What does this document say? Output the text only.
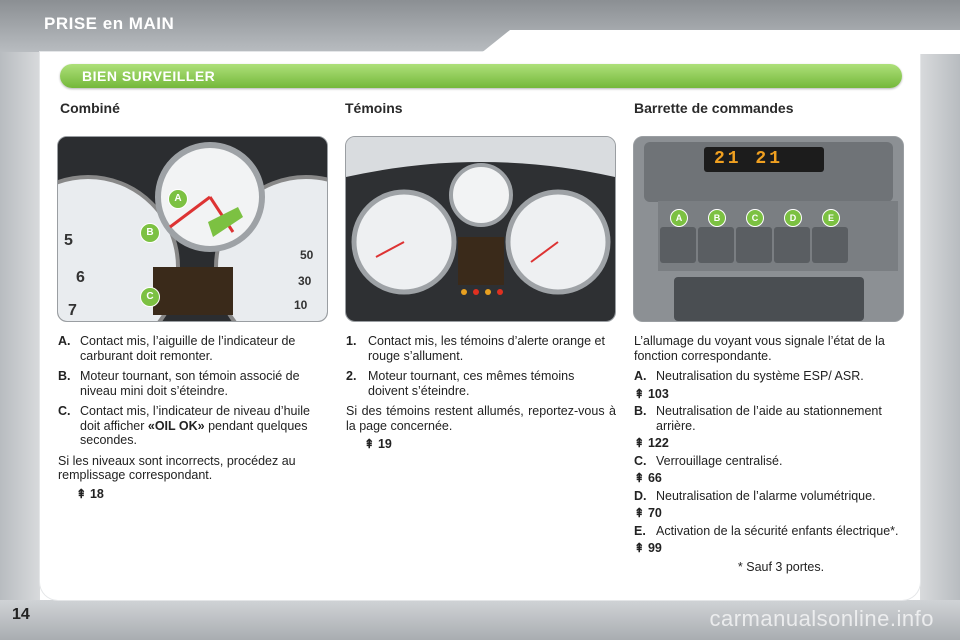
PRISE en MAIN
BIEN SURVEILLER
Combiné	Témoins	Barrette de commandes
5
6
7
50
30
10
A
B
C
21 21
A	B	C	D	E
A. Contact mis, l’aiguille de l’indicateur de carburant doit remonter.
B. Moteur tournant, son témoin associé de niveau mini doit s’éteindre.
C. Contact mis, l’indicateur de niveau d’huile doit afficher «OIL OK» pendant quelques secondes.
Si les niveaux sont incorrects, procédez au remplissage correspondant.
⇞ 18
1. Contact mis, les témoins d’alerte orange et rouge s’allument.
2. Moteur tournant, ces mêmes témoins doivent s’éteindre.
Si des témoins restent allumés, reportez-vous à la page concernée.
⇞ 19
L’allumage du voyant vous signale l’état de la fonction correspondante.
A. Neutralisation du système ESP/ ASR.
⇞ 103
B. Neutralisation de l’aide au stationnement arrière.
⇞ 122
C. Verrouillage centralisé.
⇞ 66
D. Neutralisation de l’alarme volumétrique.
⇞ 70
E. Activation de la sécurité enfants électrique*.
⇞ 99
* Sauf 3 portes.
14	carmanualsonline.info
